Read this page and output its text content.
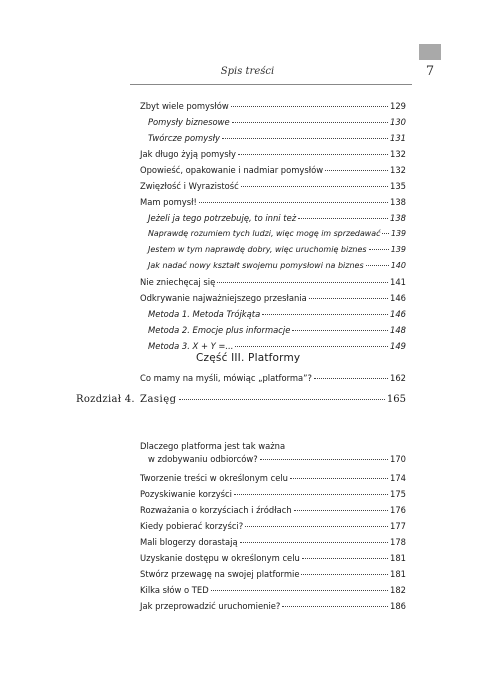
7
Spis treści
Zbyt wiele pomysłów	129
Pomysły biznesowe	130
Twórcze pomysły	131
Jak długo żyją pomysły	132
Opowieść, opakowanie i nadmiar pomysłów	132
Zwięzłość i Wyrazistość	135
Mam pomysł!	138
Jeżeli ja tego potrzebuję, to inni też	138
Naprawdę rozumiem tych ludzi, więc mogę im sprzedawać 139
Jestem w tym naprawdę dobry, więc uruchomię biznes	139
Jak nadać nowy kształt swojemu pomysłowi na biznes	140
Nie zniechęcaj się	141
Odkrywanie najważniejszego przesłania	146
Metoda 1. Metoda Trójkąta	146
Metoda 2. Emocje plus informacje	148
Metoda 3. X + Y =...	149
Część III. Platformy
Co mamy na myśli, mówiąc „platforma”?	162
Rozdział 4. Zasięg	165
Dlaczego platforma jest tak ważna
w zdobywaniu odbiorców?	170
Tworzenie treści w określonym celu	174
Pozyskiwanie korzyści	175
Rozważania o korzyściach i źródłach	176
Kiedy pobierać korzyści?	177
Mali blogerzy dorastają	178
Uzyskanie dostępu w określonym celu	181
Stwórz przewagę na swojej platformie	181
Kilka słów o TED	182
Jak przeprowadzić uruchomienie?	186
